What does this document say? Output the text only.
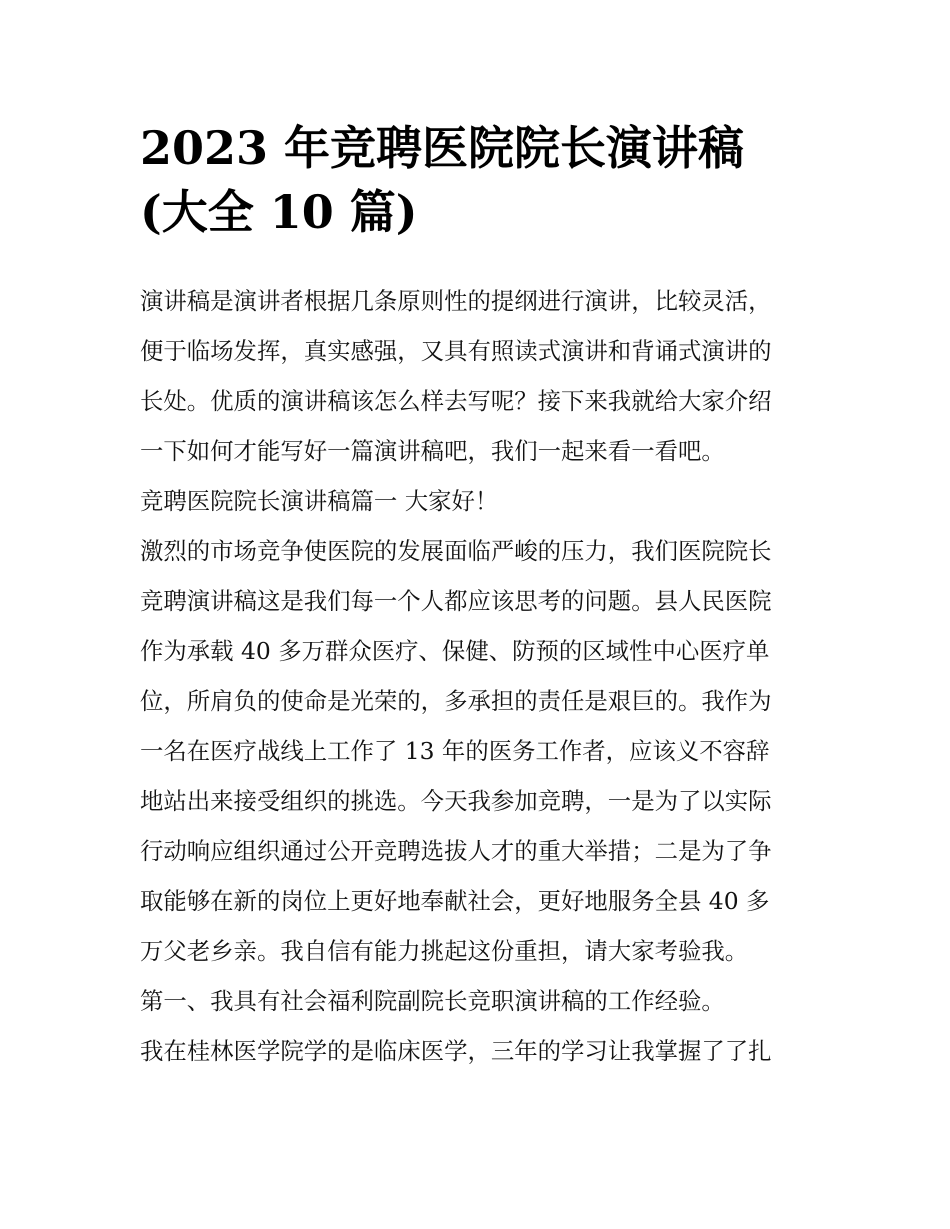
2023 年竞聘医院院长演讲稿
(大全 10 篇)
演讲稿是演讲者根据几条原则性的提纲进行演讲，比较灵活，
便于临场发挥，真实感强，又具有照读式演讲和背诵式演讲的
长处。优质的演讲稿该怎么样去写呢？接下来我就给大家介绍
一下如何才能写好一篇演讲稿吧，我们一起来看一看吧。
竞聘医院院长演讲稿篇一 大家好！
激烈的市场竞争使医院的发展面临严峻的压力，我们医院院长
竞聘演讲稿这是我们每一个人都应该思考的问题。县人民医院
作为承载 40 多万群众医疗、保健、防预的区域性中心医疗单
位，所肩负的使命是光荣的，多承担的责任是艰巨的。我作为
一名在医疗战线上工作了 13 年的医务工作者，应该义不容辞
地站出来接受组织的挑选。今天我参加竞聘，一是为了以实际
行动响应组织通过公开竞聘选拔人才的重大举措；二是为了争
取能够在新的岗位上更好地奉献社会，更好地服务全县 40 多
万父老乡亲。我自信有能力挑起这份重担，请大家考验我。
第一、我具有社会福利院副院长竞职演讲稿的工作经验。
我在桂林医学院学的是临床医学，三年的学习让我掌握了了扎
